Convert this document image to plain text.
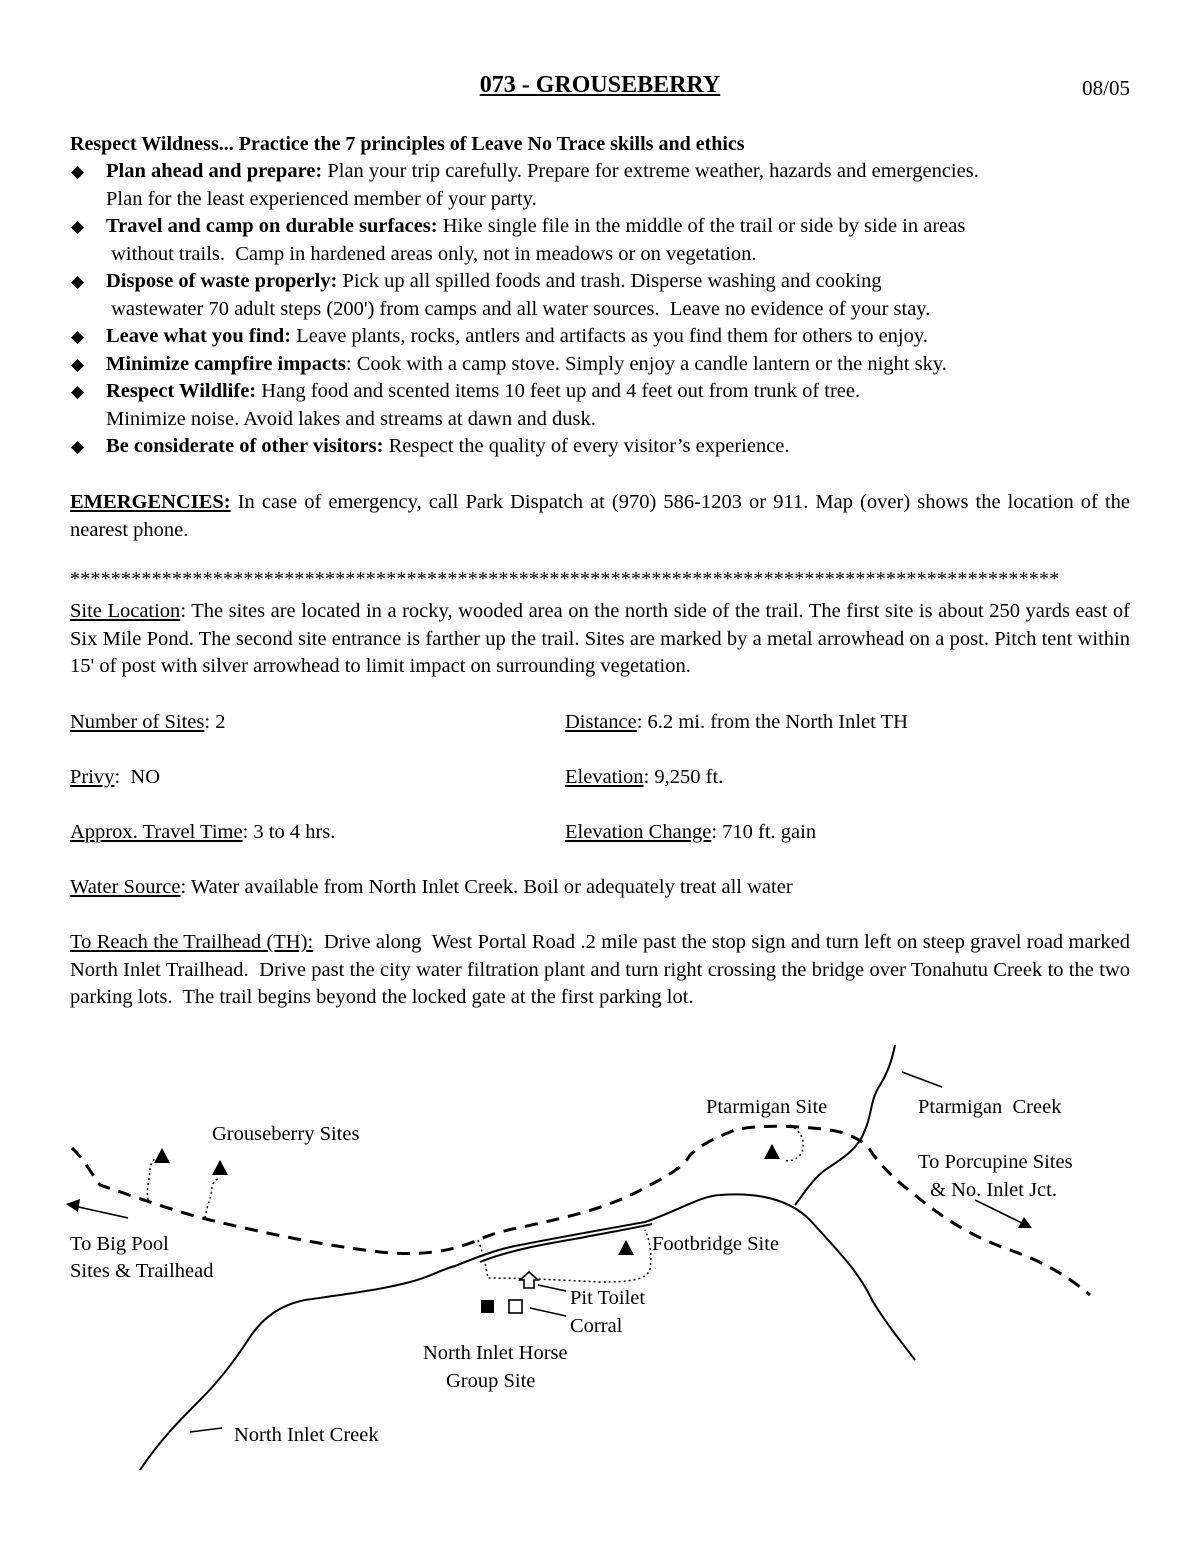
073 - GROUSEBERRY	08/05
Respect Wildness... Practice the 7 principles of Leave No Trace skills and ethics
◆ Plan ahead and prepare: Plan your trip carefully. Prepare for extreme weather, hazards and emergencies.
Plan for the least experienced member of your party.
◆ Travel and camp on durable surfaces: Hike single file in the middle of the trail or side by side in areas
without trails.  Camp in hardened areas only, not in meadows or on vegetation.
◆ Dispose of waste properly: Pick up all spilled foods and trash. Disperse washing and cooking
wastewater 70 adult steps (200') from camps and all water sources.  Leave no evidence of your stay.
◆ Leave what you find: Leave plants, rocks, antlers and artifacts as you find them for others to enjoy.
◆ Minimize campfire impacts: Cook with a camp stove. Simply enjoy a candle lantern or the night sky.
◆ Respect Wildlife: Hang food and scented items 10 feet up and 4 feet out from trunk of tree.
Minimize noise. Avoid lakes and streams at dawn and dusk.
◆ Be considerate of other visitors: Respect the quality of every visitor’s experience.
EMERGENCIES: In case of emergency, call Park Dispatch at (970) 586-1203 or 911. Map (over) shows the location of the nearest phone.
*************************************************************************************************
Site Location: The sites are located in a rocky, wooded area on the north side of the trail. The first site is about 250 yards east of Six Mile Pond. The second site entrance is farther up the trail. Sites are marked by a metal arrowhead on a post. Pitch tent within 15' of post with silver arrowhead to limit impact on surrounding vegetation.
Number of Sites: 2	Distance: 6.2 mi. from the North Inlet TH
Privy:  NO	Elevation: 9,250 ft.
Approx. Travel Time: 3 to 4 hrs.	Elevation Change: 710 ft. gain
Water Source: Water available from North Inlet Creek. Boil or adequately treat all water
To Reach the Trailhead (TH):  Drive along  West Portal Road .2 mile past the stop sign and turn left on steep gravel road marked North Inlet Trailhead.  Drive past the city water filtration plant and turn right crossing the bridge over Tonahutu Creek to the two parking lots.  The trail begins beyond the locked gate at the first parking lot.
Grouseberry Sites
Ptarmigan Site	Ptarmigan  Creek
To Porcupine Sites
& No. Inlet Jct.
To Big Pool
Sites & Trailhead
Footbridge Site
Pit Toilet
Corral
North Inlet Horse
Group Site
North Inlet Creek
